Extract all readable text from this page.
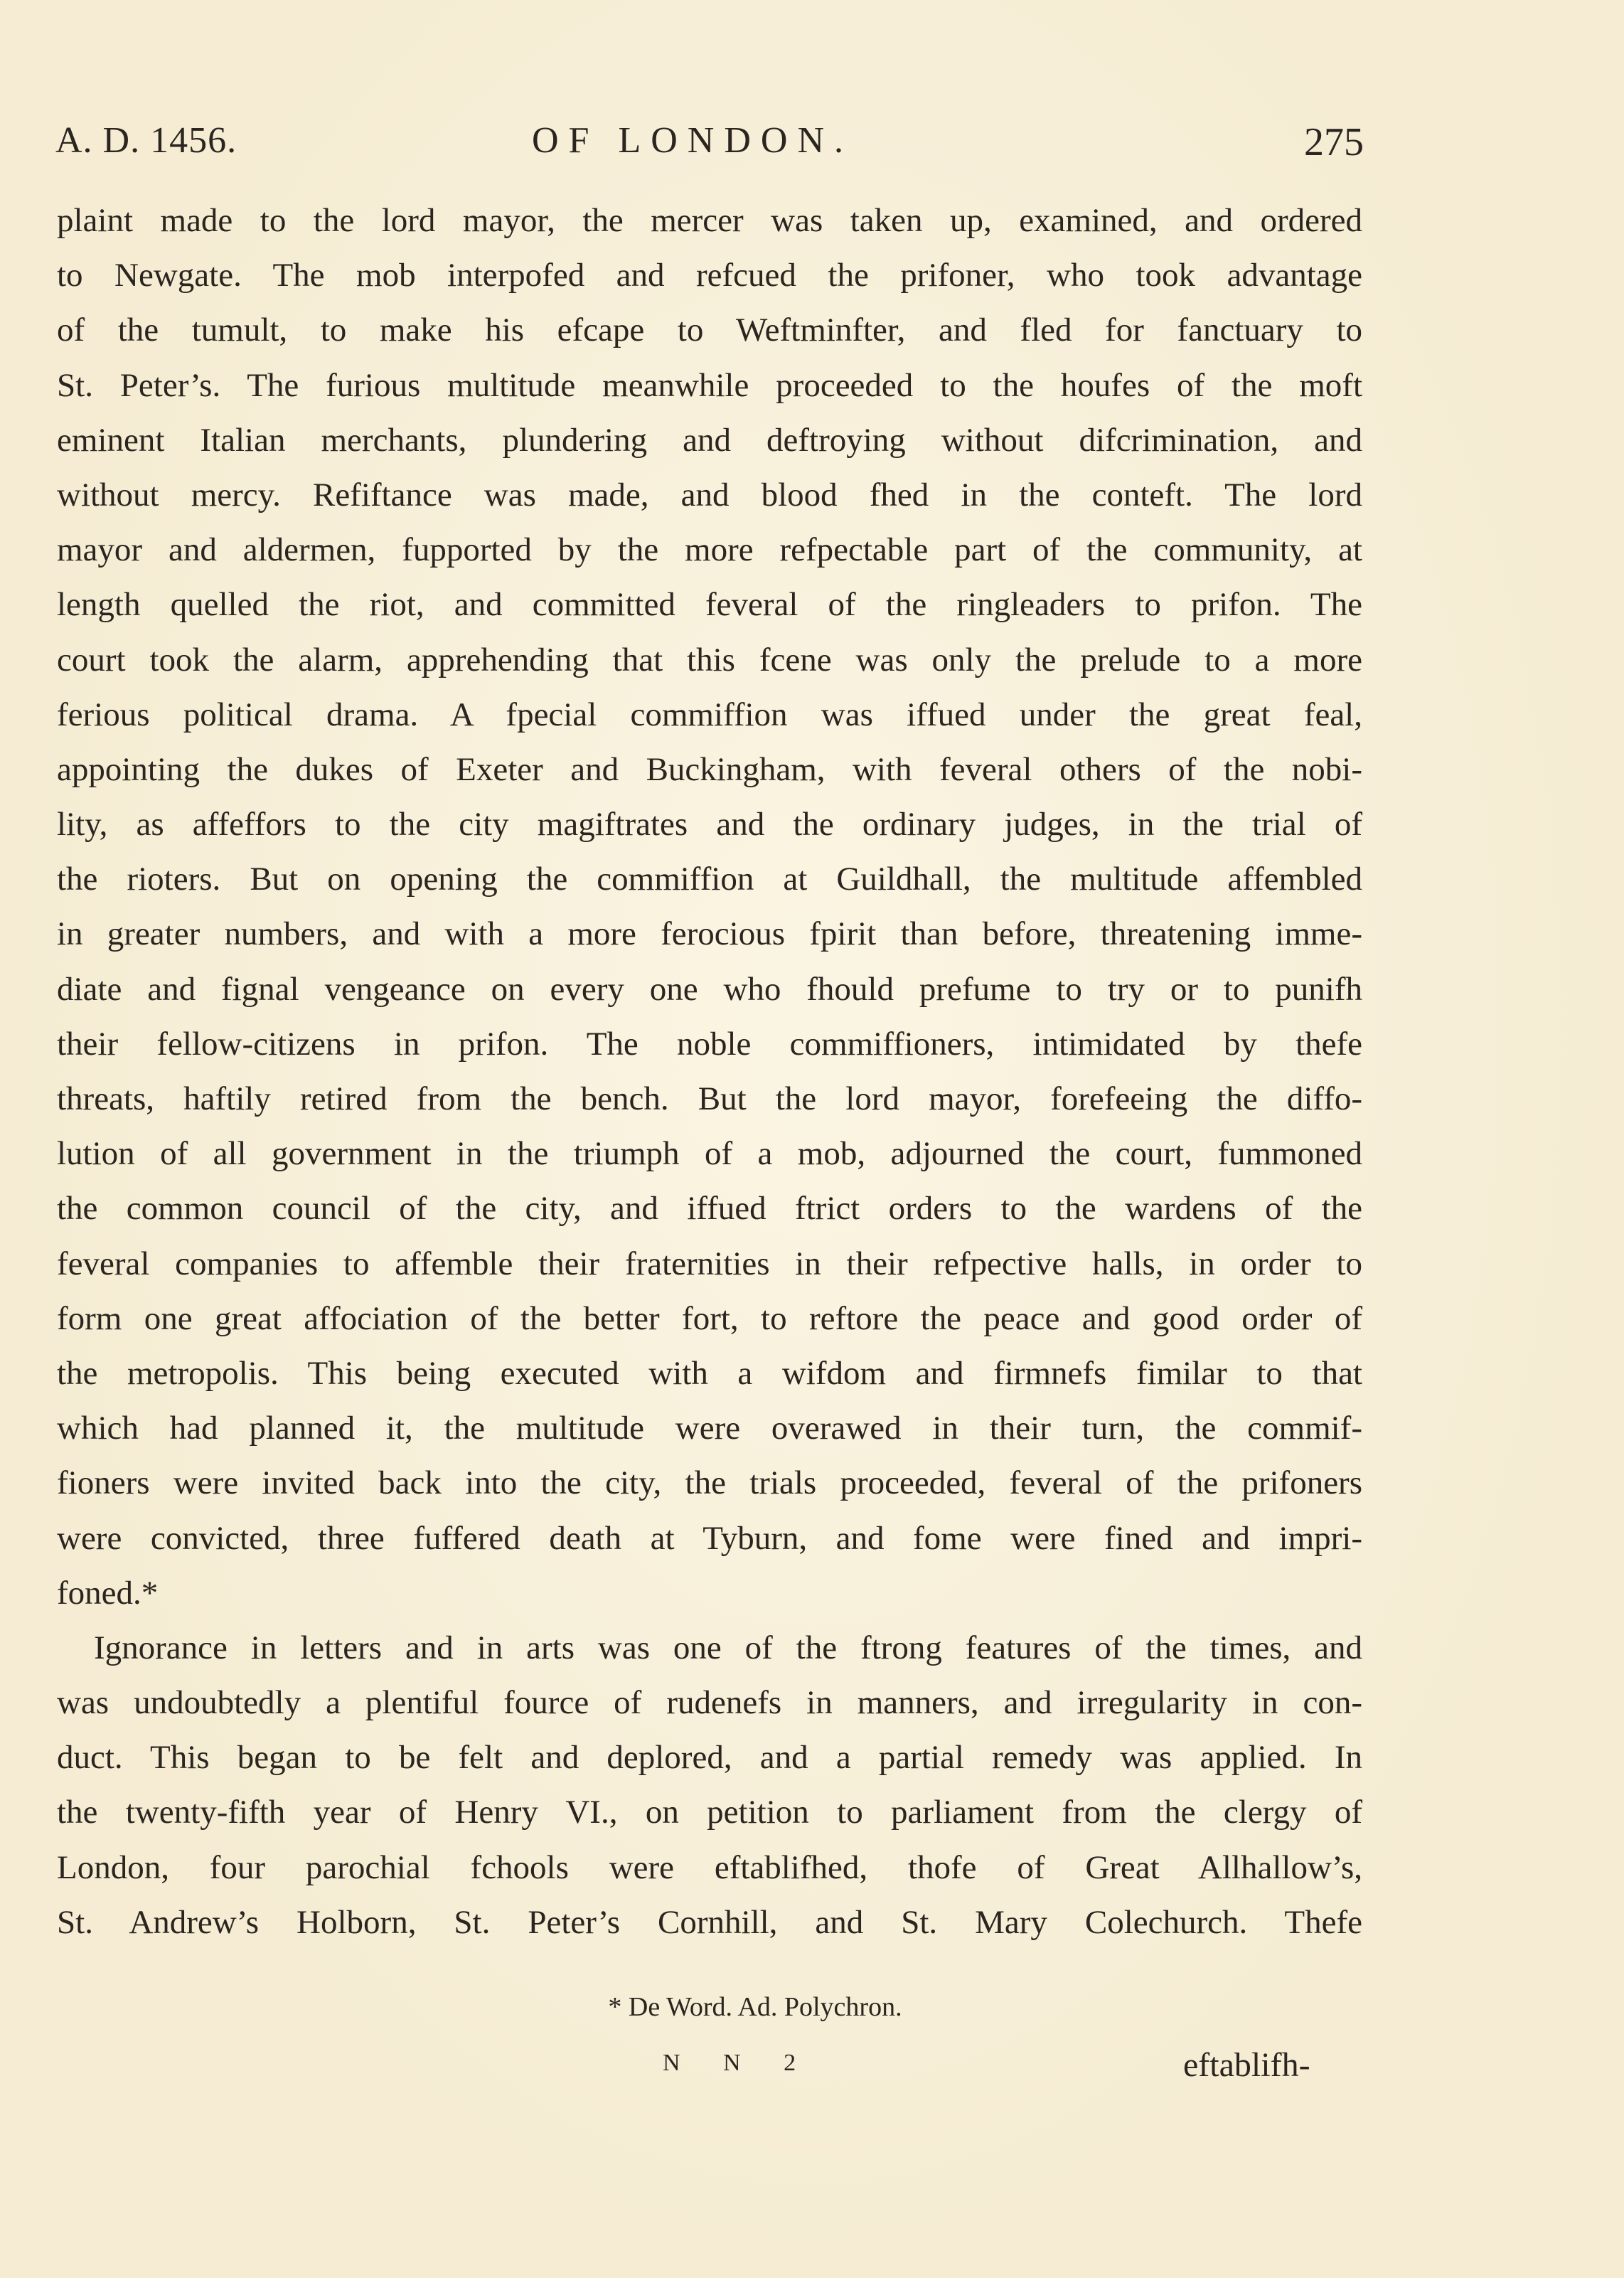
A. D. 1456.	OF LONDON.	275
plaint made to the lord mayor, the mercer was taken up, examined, and ordered
to Newgate. The mob interpofed and refcued the prifoner, who took advantage
of the tumult, to make his efcape to Weftminfter, and fled for fanctuary to
St. Peter’s. The furious multitude meanwhile proceeded to the houfes of the moft
eminent Italian merchants, plundering and deftroying without difcrimination, and
without mercy. Refiftance was made, and blood fhed in the conteft. The lord
mayor and aldermen, fupported by the more refpectable part of the community, at
length quelled the riot, and committed feveral of the ringleaders to prifon. The
court took the alarm, apprehending that this fcene was only the prelude to a more
ferious political drama. A fpecial commiffion was iffued under the great feal,
appointing the dukes of Exeter and Buckingham, with feveral others of the nobi-
lity, as affeffors to the city magiftrates and the ordinary judges, in the trial of
the rioters. But on opening the commiffion at Guildhall, the multitude affembled
in greater numbers, and with a more ferocious fpirit than before, threatening imme-
diate and fignal vengeance on every one who fhould prefume to try or to punifh
their fellow-citizens in prifon. The noble commiffioners, intimidated by thefe
threats, haftily retired from the bench. But the lord mayor, forefeeing the diffo-
lution of all government in the triumph of a mob, adjourned the court, fummoned
the common council of the city, and iffued ftrict orders to the wardens of the
feveral companies to affemble their fraternities in their refpective halls, in order to
form one great affociation of the better fort, to reftore the peace and good order of
the metropolis. This being executed with a wifdom and firmnefs fimilar to that
which had planned it, the multitude were overawed in their turn, the commif-
fioners were invited back into the city, the trials proceeded, feveral of the prifoners
were convicted, three fuffered death at Tyburn, and fome were fined and impri-
foned.*
Ignorance in letters and in arts was one of the ftrong features of the times, and
was undoubtedly a plentiful fource of rudenefs in manners, and irregularity in con-
duct. This began to be felt and deplored, and a partial remedy was applied. In
the twenty-fifth year of Henry VI., on petition to parliament from the clergy of
London, four parochial fchools were eftablifhed, thofe of Great Allhallow’s,
St. Andrew’s Holborn, St. Peter’s Cornhill, and St. Mary Colechurch. Thefe
* De Word. Ad. Polychron.
N N 2	eftablifh-
